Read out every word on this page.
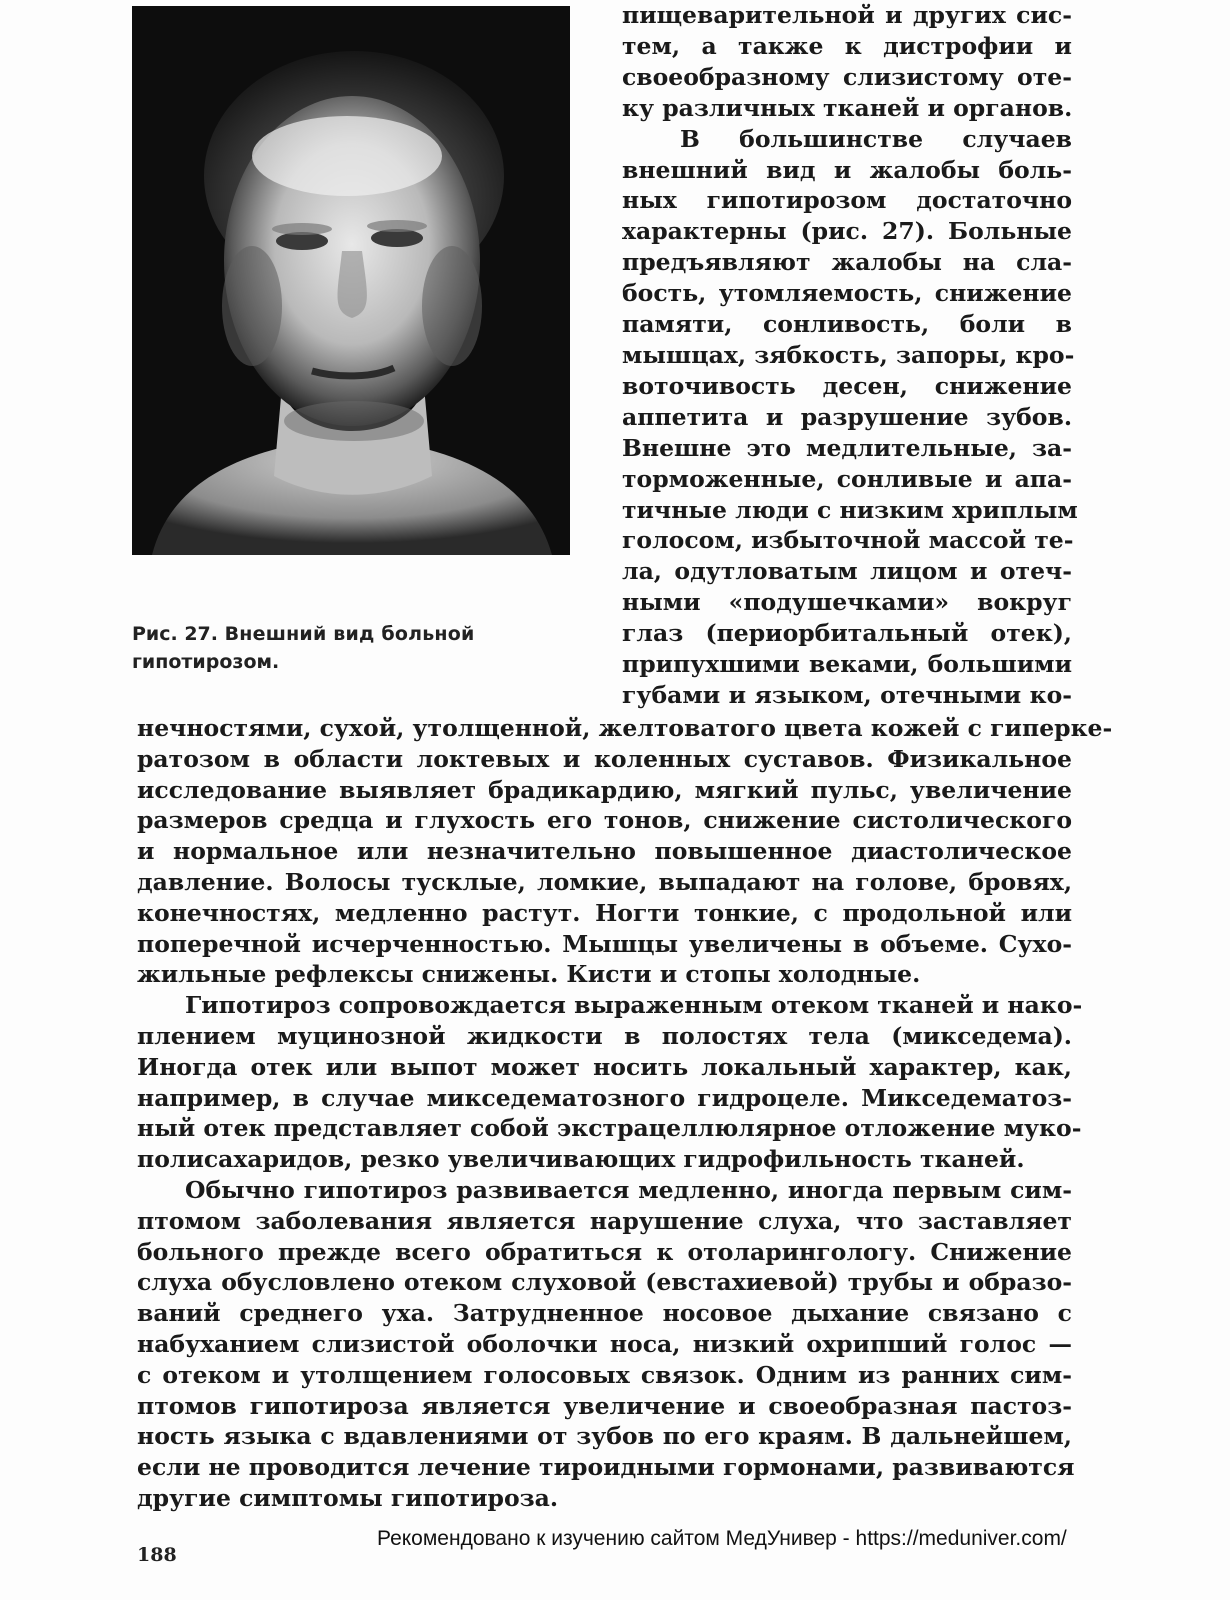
Рис. 27. Внешний вид больной
гипотирозом.
пищеварительной и других сис-
тем, а также к дистрофии и
своеобразному слизистому оте-
ку различных тканей и органов.
В большинстве случаев
внешний вид и жалобы боль-
ных гипотирозом достаточно
характерны (рис. 27). Больные
предъявляют жалобы на сла-
бость, утомляемость, снижение
памяти, сонливость, боли в
мышцах, зябкость, запоры, кро-
воточивость десен, снижение
аппетита и разрушение зубов.
Внешне это медлительные, за-
торможенные, сонливые и апа-
тичные люди с низким хриплым
голосом, избыточной массой те-
ла, одутловатым лицом и отеч-
ными «подушечками» вокруг
глаз (периорбитальный отек),
припухшими веками, большими
губами и языком, отечными ко-
нечностями, сухой, утолщенной, желтоватого цвета кожей с гиперке-
ратозом в области локтевых и коленных суставов. Физикальное
исследование выявляет брадикардию, мягкий пульс, увеличение
размеров средца и глухость его тонов, снижение систолического
и нормальное или незначительно повышенное диастолическое
давление. Волосы тусклые, ломкие, выпадают на голове, бровях,
конечностях, медленно растут. Ногти тонкие, с продольной или
поперечной исчерченностью. Мышцы увеличены в объеме. Сухо-
жильные рефлексы снижены. Кисти и стопы холодные.
Гипотироз сопровождается выраженным отеком тканей и нако-
плением муцинозной жидкости в полостях тела (микседема).
Иногда отек или выпот может носить локальный характер, как,
например, в случае микседематозного гидроцеле. Микседематоз-
ный отек представляет собой экстрацеллюлярное отложение муко-
полисахаридов, резко увеличивающих гидрофильность тканей.
Обычно гипотироз развивается медленно, иногда первым сим-
птомом заболевания является нарушение слуха, что заставляет
больного прежде всего обратиться к отоларингологу. Снижение
слуха обусловлено отеком слуховой (евстахиевой) трубы и образо-
ваний среднего уха. Затрудненное носовое дыхание связано с
набуханием слизистой оболочки носа, низкий охрипший голос —
с отеком и утолщением голосовых связок. Одним из ранних сим-
птомов гипотироза является увеличение и своеобразная пастоз-
ность языка с вдавлениями от зубов по его краям. В дальнейшем,
если не проводится лечение тироидными гормонами, развиваются
другие симптомы гипотироза.
Рекомендовано к изучению сайтом МедУнивер - https://meduniver.com/
188
